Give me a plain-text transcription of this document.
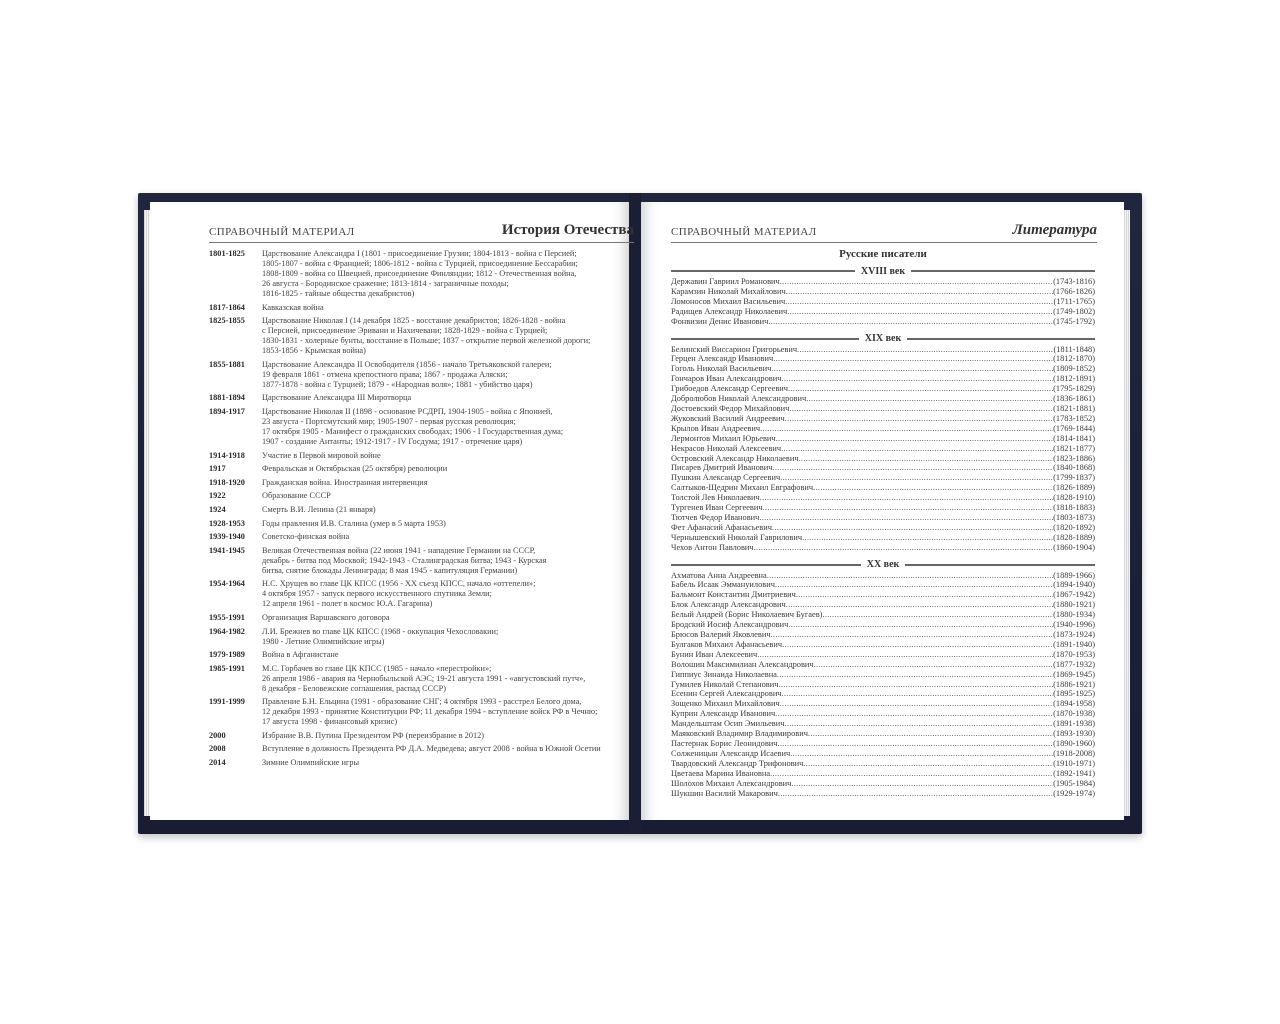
СПРАВОЧНЫЙ МАТЕРИАЛ	История Отечества	СПРАВОЧНЫЙ МАТЕРИАЛ	Литература
1801-1825	Царствование Александра I (1801 - присоединение Грузии; 1804-1813 - война с Персией;
1805-1807 - война с Францией; 1806-1812 - война с Турцией, присоединение Бессарабии;
1808-1809 - война со Швецией, присоединение Финляндии; 1812 - Отечественная война,
26 августа - Бородинское сражение; 1813-1814 - заграничные походы;
1816-1825 - тайные общества декабристов)
1817-1864	Кавказская война
1825-1855	Царствование Николая I (14 декабря 1825 - восстание декабристов; 1826-1828 - война
с Персией, присоединение Эривани и Нахичевани; 1828-1829 - война с Турцией;
1830-1831 - холерные бунты, восстание в Польше; 1837 - открытие первой железной дороги;
1853-1856 - Крымская война)
1855-1881	Царствование Александра II Освободителя (1856 - начало Третьяковской галереи;
19 февраля 1861 - отмена крепостного права; 1867 - продажа Аляски;
1877-1878 - война с Турцией; 1879 - «Народная воля»; 1881 - убийство царя)
1881-1894	Царствование Александра III Миротворца
1894-1917	Царствование Николая II (1898 - основание РСДРП, 1904-1905 - война с Японией,
23 августа - Портсмутский мир; 1905-1907 - первая русская революция;
17 октября 1905 - Манифест о гражданских свободах; 1906 - I Государственная дума;
1907 - создание Антанты; 1912-1917 - IV Госдума; 1917 - отречение царя)
1914-1918	Участие в Первой мировой войне
1917	Февральская и Октябрьская (25 октября) революции
1918-1920	Гражданская война. Иностранная интервенция
1922	Образование СССР
1924	Смерть В.И. Ленина (21 января)
1928-1953	Годы правления И.В. Сталина (умер в 5 марта 1953)
1939-1940	Советско-финская война
1941-1945	Великая Отечественная война (22 июня 1941 - нападение Германии на СССР,
декабрь - битва под Москвой; 1942-1943 - Сталинградская битва; 1943 - Курская
битва, снятие блокады Ленинграда; 8 мая 1945 - капитуляция Германии)
1954-1964	Н.С. Хрущев во главе ЦК КПСС (1956 - XX съезд КПСС, начало «оттепели»;
4 октября 1957 - запуск первого искусственного спутника Земли;
12 апреля 1961 - полет в космос Ю.А. Гагарина)
1955-1991	Организация Варшавского договора
1964-1982	Л.И. Брежнев во главе ЦК КПСС (1968 - оккупация Чехословакии;
1980 - Летние Олимпийские игры)
1979-1989	Война в Афганистане
1985-1991	М.С. Горбачев во главе ЦК КПСС (1985 - начало «перестройки»;
26 апреля 1986 - авария на Чернобыльской АЭС; 19-21 августа 1991 - «августовский путч»,
8 декабря - Беловежские соглашения, распад СССР)
1991-1999	Правление Б.Н. Ельцина (1991 - образование СНГ; 4 октября 1993 - расстрел Белого дома,
12 декабря 1993 - принятие Конституции РФ; 11 декабря 1994 - вступление войск РФ в Чечню;
17 августа 1998 - финансовый кризис)
2000	Избрание В.В. Путина Президентом РФ (переизбрание в 2012)
2008	Вступление в должность Президента РФ Д.А. Медведева; август 2008 - война в Южной Осетии
2014	Зимние Олимпийские игры
Русские писатели
XVIII век
Державин Гавриил Романович .....	(1743-1816)
Карамзин Николай Михайлович .....	(1766-1826)
Ломоносов Михаил Васильевич .....	(1711-1765)
Радищев Александр Николаевич .....	(1749-1802)
Фонвизин Денис Иванович .....	(1745-1792)
XIX век
Белинский Виссарион Григорьевич .....	(1811-1848)
Герцен Александр Иванович .....	(1812-1870)
Гоголь Николай Васильевич .....	(1809-1852)
Гончаров Иван Александрович .....	(1812-1891)
Грибоедов Александр Сергеевич .....	(1795-1829)
Добролюбов Николай Александрович .....	(1836-1861)
Достоевский Федор Михайлович .....	(1821-1881)
Жуковский Василий Андреевич .....	(1783-1852)
Крылов Иван Андреевич .....	(1769-1844)
Лермонтов Михаил Юрьевич .....	(1814-1841)
Некрасов Николай Алексеевич .....	(1821-1877)
Островский Александр Николаевич .....	(1823-1886)
Писарев Дмитрий Иванович .....	(1840-1868)
Пушкин Александр Сергеевич .....	(1799-1837)
Салтыков-Щедрин Михаил Евграфович .....	(1826-1889)
Толстой Лев Николаевич .....	(1828-1910)
Тургенев Иван Сергеевич .....	(1818-1883)
Тютчев Федор Иванович .....	(1803-1873)
Фет Афанасий Афанасьевич .....	(1820-1892)
Чернышевский Николай Гаврилович .....	(1828-1889)
Чехов Антон Павлович .....	(1860-1904)
XX век
Ахматова Анна Андреевна .....	(1889-1966)
Бабель Исаак Эммануилович .....	(1894-1940)
Бальмонт Константин Дмитриевич .....	(1867-1942)
Блок Александр Александрович .....	(1880-1921)
Белый Андрей (Борис Николаевич Бугаев) .....	(1880-1934)
Бродский Иосиф Александрович .....	(1940-1996)
Брюсов Валерий Яковлевич .....	(1873-1924)
Булгаков Михаил Афанасьевич .....	(1891-1940)
Бунин Иван Алексеевич .....	(1870-1953)
Волошин Максимилиан Александрович .....	(1877-1932)
Гиппиус Зинаида Николаевна .....	(1869-1945)
Гумилев Николай Степанович .....	(1886-1921)
Есенин Сергей Александрович .....	(1895-1925)
Зощенко Михаил Михайлович .....	(1894-1958)
Куприн Александр Иванович .....	(1870-1938)
Мандельштам Осип Эмильевич .....	(1891-1938)
Маяковский Владимир Владимирович .....	(1893-1930)
Пастернак Борис Леонидович .....	(1890-1960)
Солженицын Александр Исаевич .....	(1918-2008)
Твардовский Александр Трифонович .....	(1910-1971)
Цветаева Марина Ивановна .....	(1892-1941)
Шолохов Михаил Александрович .....	(1905-1984)
Шукшин Василий Макарович .....	(1929-1974)
